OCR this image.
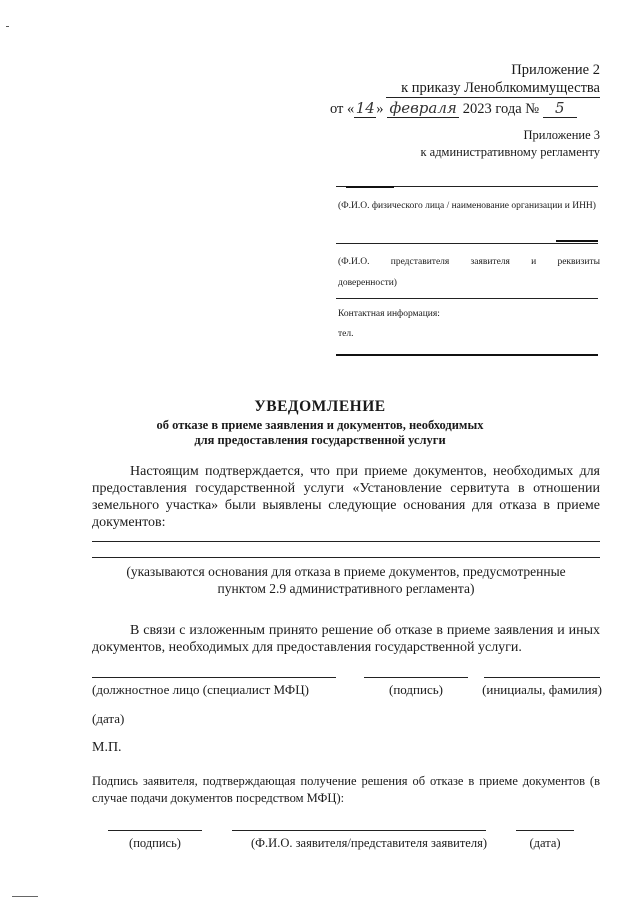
Приложение 2
к приказу Леноблкомимущества
от «14» февраля 2023 года № 5
Приложение 3
к административному регламенту
(Ф.И.О. физического лица / наименование организации и ИНН)
(Ф.И.О. представителя заявителя и реквизиты доверенности)
Контактная информация:
тел.
УВЕДОМЛЕНИЕ
об отказе в приеме заявления и документов, необходимых
для предоставления государственной услуги

Настоящим подтверждается, что при приеме документов, необходимых для предоставления государственной услуги «Установление сервитута в отношении земельного участка» были выявлены следующие основания для отказа в приеме документов:

(указываются основания для отказа в приеме документов, предусмотренные
пунктом 2.9 административного регламента)

В связи с изложенным принято решение об отказе в приеме заявления и иных документов, необходимых для предоставления государственной услуги.

(должностное лицо (специалист МФЦ)	(подпись)	(инициалы, фамилия)
(дата)
М.П.

Подпись заявителя, подтверждающая получение решения об отказе в приеме документов (в случае подачи документов посредством МФЦ):

(подпись)	(Ф.И.О. заявителя/представителя заявителя)	(дата)
